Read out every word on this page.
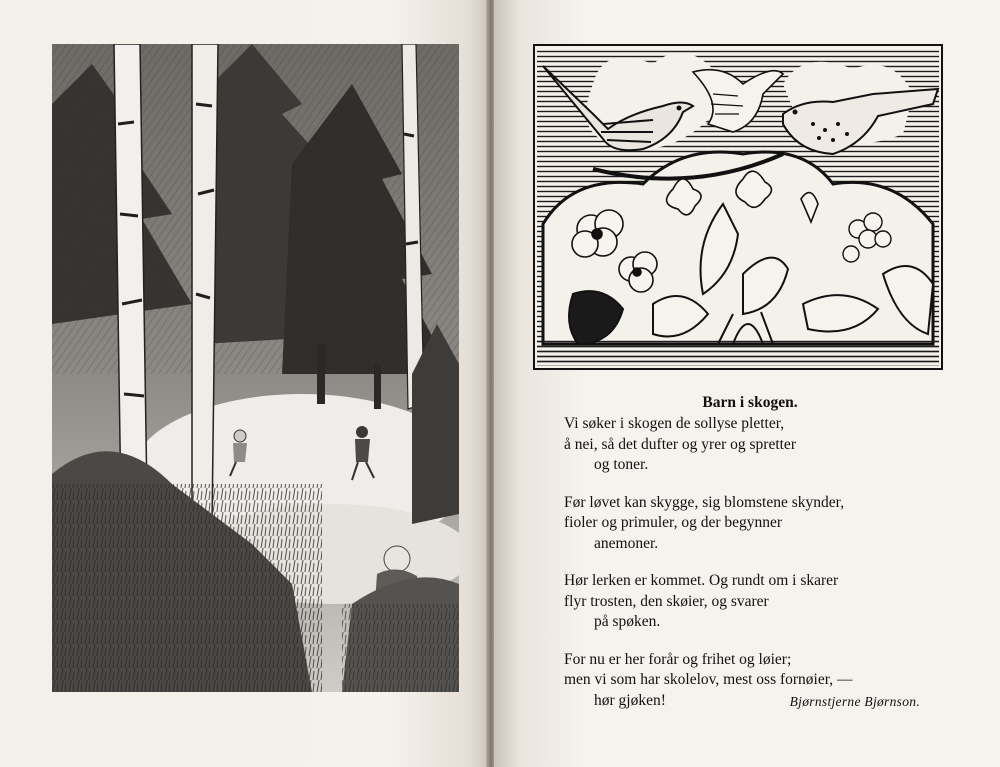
Barn i skogen.
Vi søker i skogen de sollyse pletter,
å nei, så det dufter og yrer og spretter
og toner.
Før løvet kan skygge, sig blomstene skynder,
fioler og primuler, og der begynner
anemoner.
Hør lerken er kommet. Og rundt om i skarer
flyr trosten, den skøier, og svarer
på spøken.
For nu er her forår og frihet og løier;
men vi som har skolelov, mest oss fornøier, —
hør gjøken!	Bjørnstjerne Bjørnson.
